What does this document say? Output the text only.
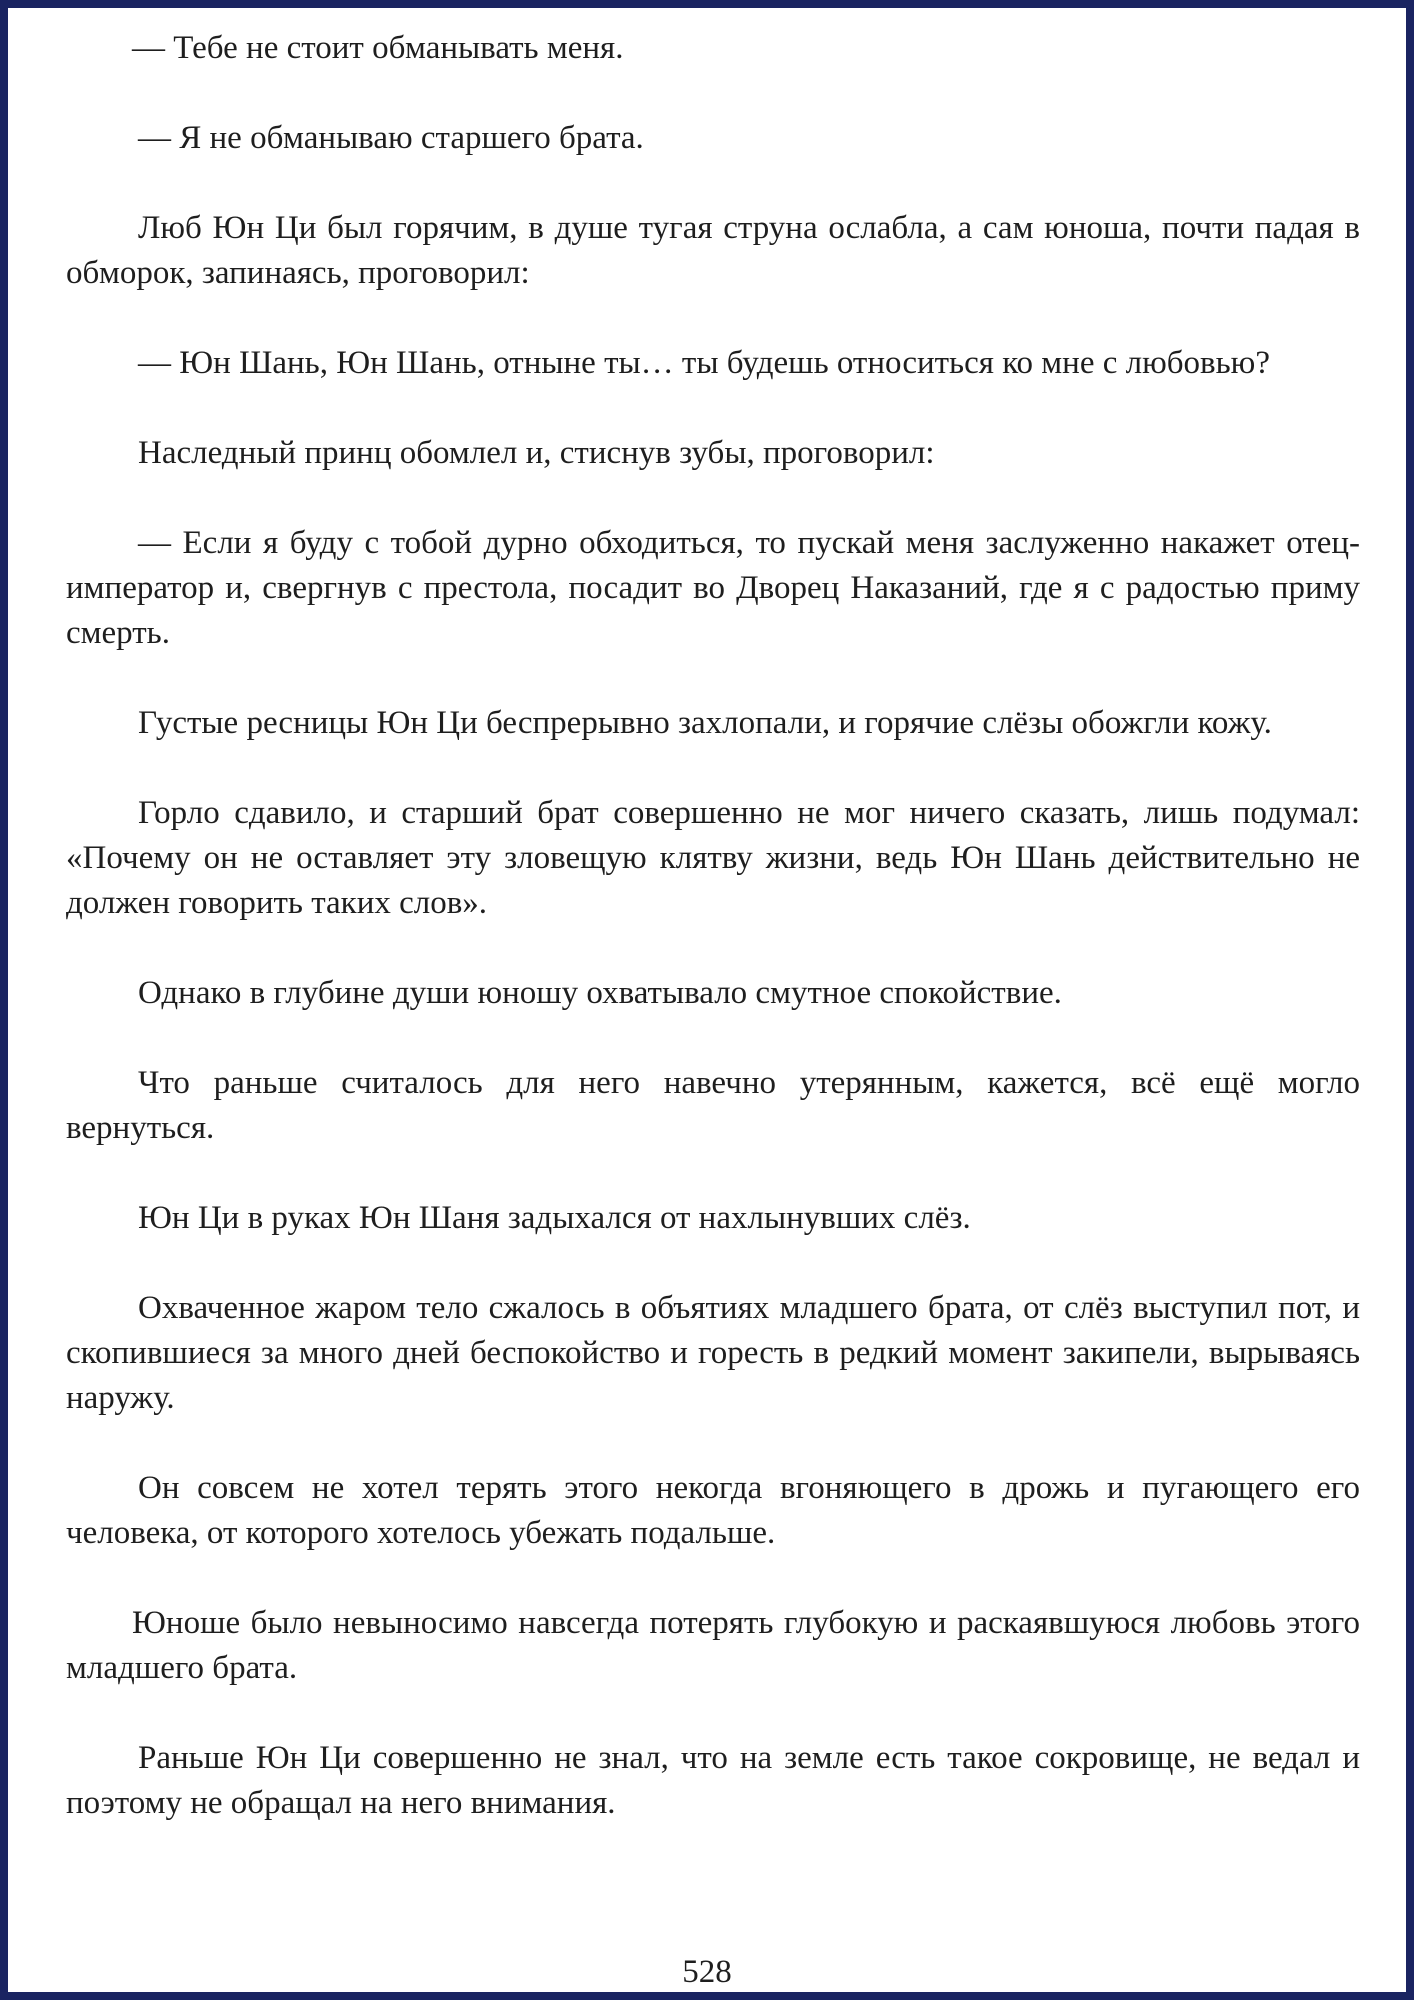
— Тебе не стоит обманывать меня.

— Я не обманываю старшего брата.

Люб Юн Ци был горячим, в душе тугая струна ослабла, а сам юноша, почти падая в обморок, запинаясь, проговорил:

— Юн Шань, Юн Шань, отныне ты… ты будешь относиться ко мне с любовью?

Наследный принц обомлел и, стиснув зубы, проговорил:

— Если я буду с тобой дурно обходиться, то пускай меня заслуженно накажет отец-император и, свергнув с престола, посадит во Дворец Наказаний, где я с радостью приму смерть.

Густые ресницы Юн Ци беспрерывно захлопали, и горячие слёзы обожгли кожу.

Горло сдавило, и старший брат совершенно не мог ничего сказать, лишь подумал: «Почему он не оставляет эту зловещую клятву жизни, ведь Юн Шань действительно не должен говорить таких слов».

Однако в глубине души юношу охватывало смутное спокойствие.

Что раньше считалось для него навечно утерянным, кажется, всё ещё могло вернуться.

Юн Ци в руках Юн Шаня задыхался от нахлынувших слёз.

Охваченное жаром тело сжалось в объятиях младшего брата, от слёз выступил пот, и скопившиеся за много дней беспокойство и горесть в редкий момент закипели, вырываясь наружу.

Он совсем не хотел терять этого некогда вгоняющего в дрожь и пугающего его человека, от которого хотелось убежать подальше.

Юноше было невыносимо навсегда потерять глубокую и раскаявшуюся любовь этого младшего брата.

Раньше Юн Ци совершенно не знал, что на земле есть такое сокровище, не ведал и поэтому не обращал на него внимания.

528
